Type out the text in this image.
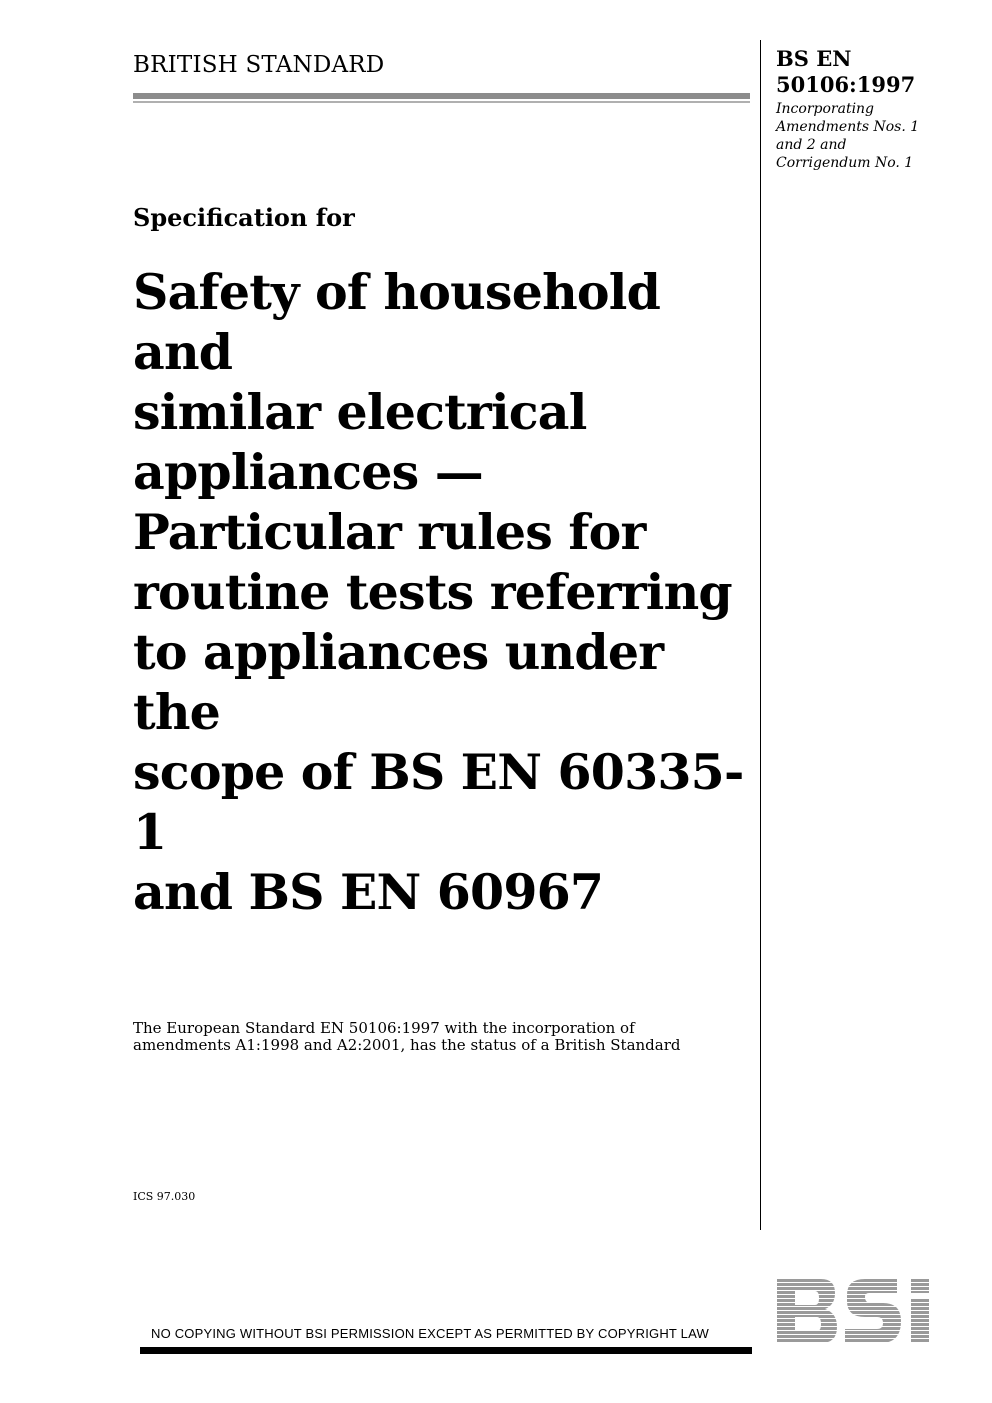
BRITISH STANDARD	BS EN
50106:1997
Incorporating
Amendments Nos. 1
and 2 and
Corrigendum No. 1
Specification for
Safety of household and
similar electrical
appliances —
Particular rules for
routine tests referring
to appliances under the
scope of BS EN 60335-1
and BS EN 60967
The European Standard EN 50106:1997 with the incorporation of
amendments A1:1998 and A2:2001, has the status of a British Standard
ICS 97.030
NO COPYING WITHOUT BSI PERMISSION EXCEPT AS PERMITTED BY COPYRIGHT LAW
